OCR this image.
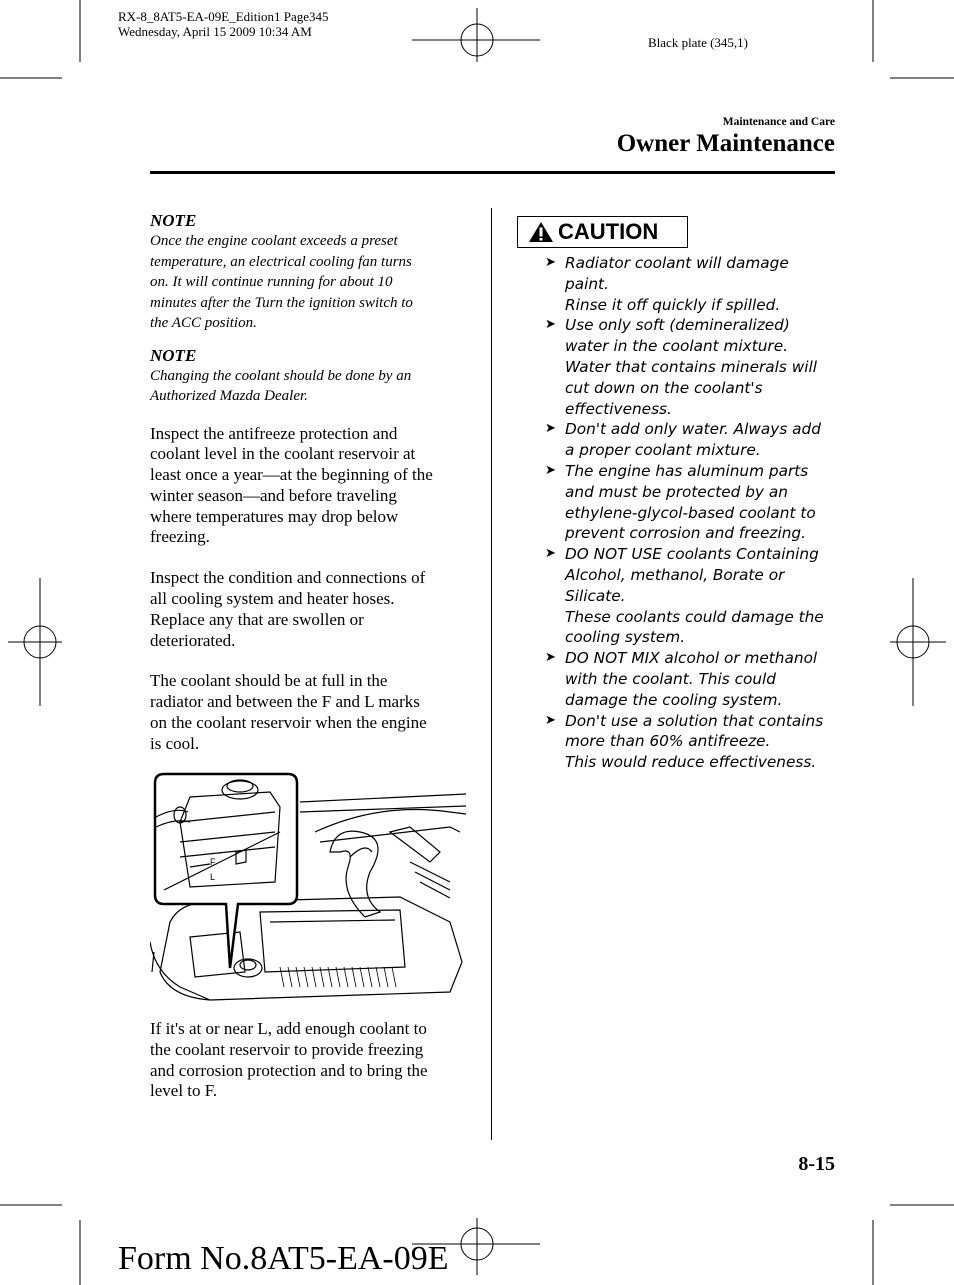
RX-8_8AT5-EA-09E_Edition1 Page345
Wednesday, April 15 2009 10:34 AM
Black plate (345,1)
Maintenance and Care
Owner Maintenance
NOTE
Once the engine coolant exceeds a preset
temperature, an electrical cooling fan turns
on. It will continue running for about 10
minutes after the Turn the ignition switch to
the ACC position.
NOTE
Changing the coolant should be done by an
Authorized Mazda Dealer.
Inspect the antifreeze protection and
coolant level in the coolant reservoir at
least once a year—at the beginning of the
winter season—and before traveling
where temperatures may drop below
freezing.
Inspect the condition and connections of
all cooling system and heater hoses.
Replace any that are swollen or
deteriorated.
The coolant should be at full in the
radiator and between the F and L marks
on the coolant reservoir when the engine
is cool.
F
L
If it's at or near L, add enough coolant to
the coolant reservoir to provide freezing
and corrosion protection and to bring the
level to F.
CAUTION
➤ Radiator coolant will damage
paint.
Rinse it off quickly if spilled.
➤ Use only soft (demineralized)
water in the coolant mixture.
Water that contains minerals will
cut down on the coolant's
effectiveness.
➤ Don't add only water. Always add
a proper coolant mixture.
➤ The engine has aluminum parts
and must be protected by an
ethylene-glycol-based coolant to
prevent corrosion and freezing.
➤ DO NOT USE coolants Containing
Alcohol, methanol, Borate or
Silicate.
These coolants could damage the
cooling system.
➤ DO NOT MIX alcohol or methanol
with the coolant. This could
damage the cooling system.
➤ Don't use a solution that contains
more than 60% antifreeze.
This would reduce effectiveness.
8-15
Form No.8AT5-EA-09E
